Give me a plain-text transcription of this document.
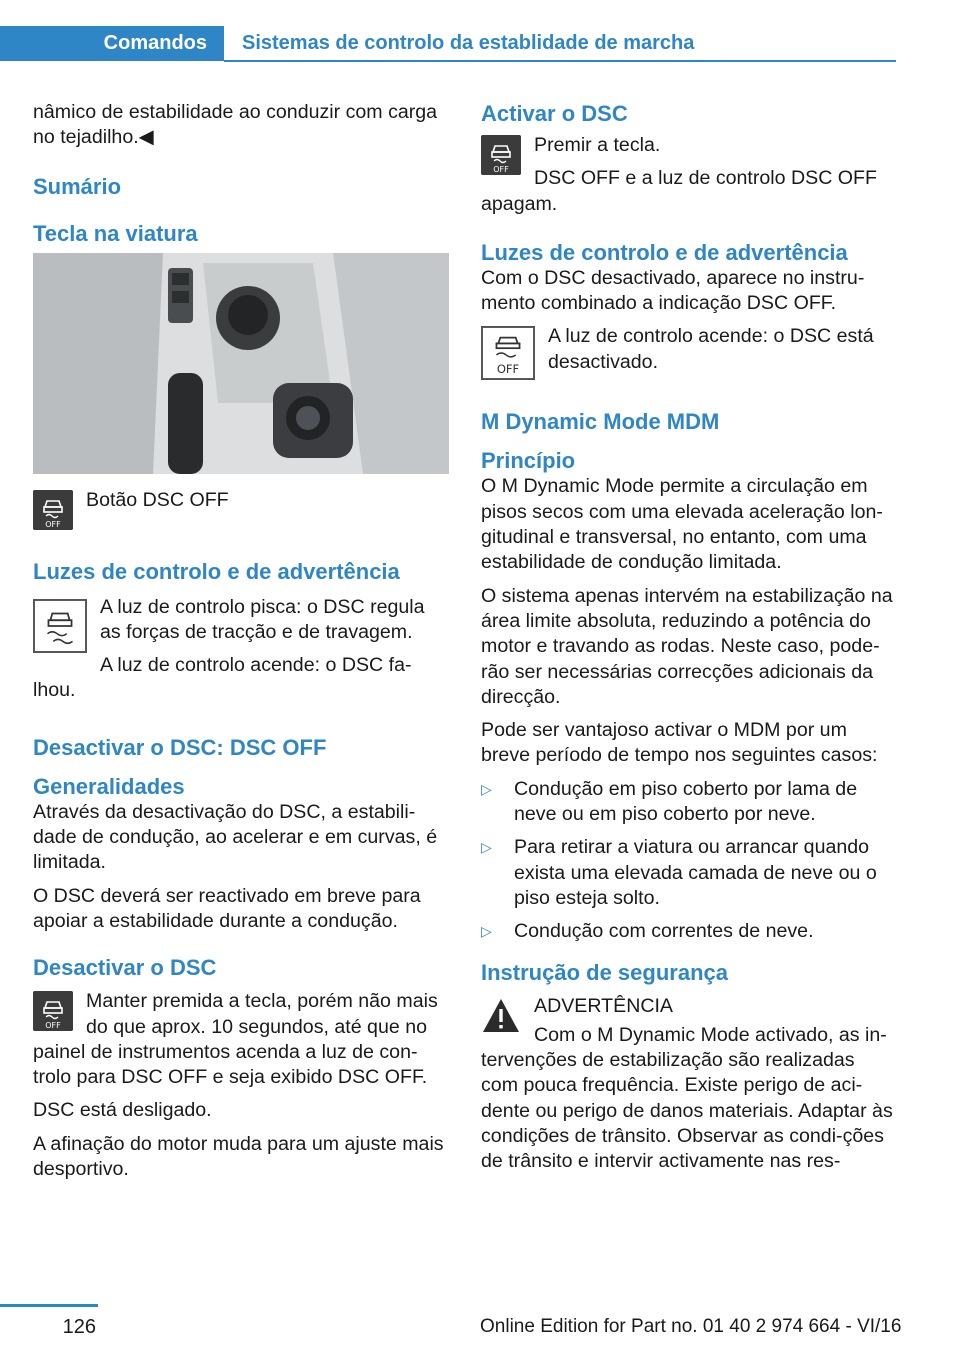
Comandos	Sistemas de controlo da establidade de marcha

nâmico de estabilidade ao conduzir com carga no tejadilho.◀

Sumário
Tecla na viatura
OFF

Botão DSC OFF

Luzes de controlo e de advertência

A luz de controlo pisca: o DSC regula as forças de tracção e de travagem.

A luz de controlo acende: o DSC fa-lhou.

Desactivar o DSC: DSC OFF
Generalidades

Através da desactivação do DSC, a estabili-dade de condução, ao acelerar e em curvas, é limitada.

O DSC deverá ser reactivado em breve para apoiar a estabilidade durante a condução.

Desactivar o DSC
OFF

Manter premida a tecla, porém não mais do que aprox. 10 segundos, até que no painel de instrumentos acenda a luz de con-trolo para DSC OFF e seja exibido DSC OFF.

DSC está desligado.

A afinação do motor muda para um ajuste mais desportivo.

Activar o DSC
OFF

Premir a tecla.

DSC OFF e a luz de controlo DSC OFF apagam.

Luzes de controlo e de advertência

Com o DSC desactivado, aparece no instru-mento combinado a indicação DSC OFF.

OFF

A luz de controlo acende: o DSC está desactivado.

M Dynamic Mode MDM
Princípio

O M Dynamic Mode permite a circulação em pisos secos com uma elevada aceleração lon-gitudinal e transversal, no entanto, com uma estabilidade de condução limitada.

O sistema apenas intervém na estabilização na área limite absoluta, reduzindo a potência do motor e travando as rodas. Neste caso, pode-rão ser necessárias correcções adicionais da direcção.

Pode ser vantajoso activar o MDM por um breve período de tempo nos seguintes casos:

▷ Condução em piso coberto por lama de neve ou em piso coberto por neve.
▷ Para retirar a viatura ou arrancar quando exista uma elevada camada de neve ou o piso esteja solto.
▷ Condução com correntes de neve.
Instrução de segurança

ADVERTÊNCIA

Com o M Dynamic Mode activado, as in-tervenções de estabilização são realizadas com pouca frequência. Existe perigo de aci-dente ou perigo de danos materiais. Adaptar às condições de trânsito. Observar as condi-ções de trânsito e intervir activamente nas res-

126	Online Edition for Part no. 01 40 2 974 664 - VI/16
